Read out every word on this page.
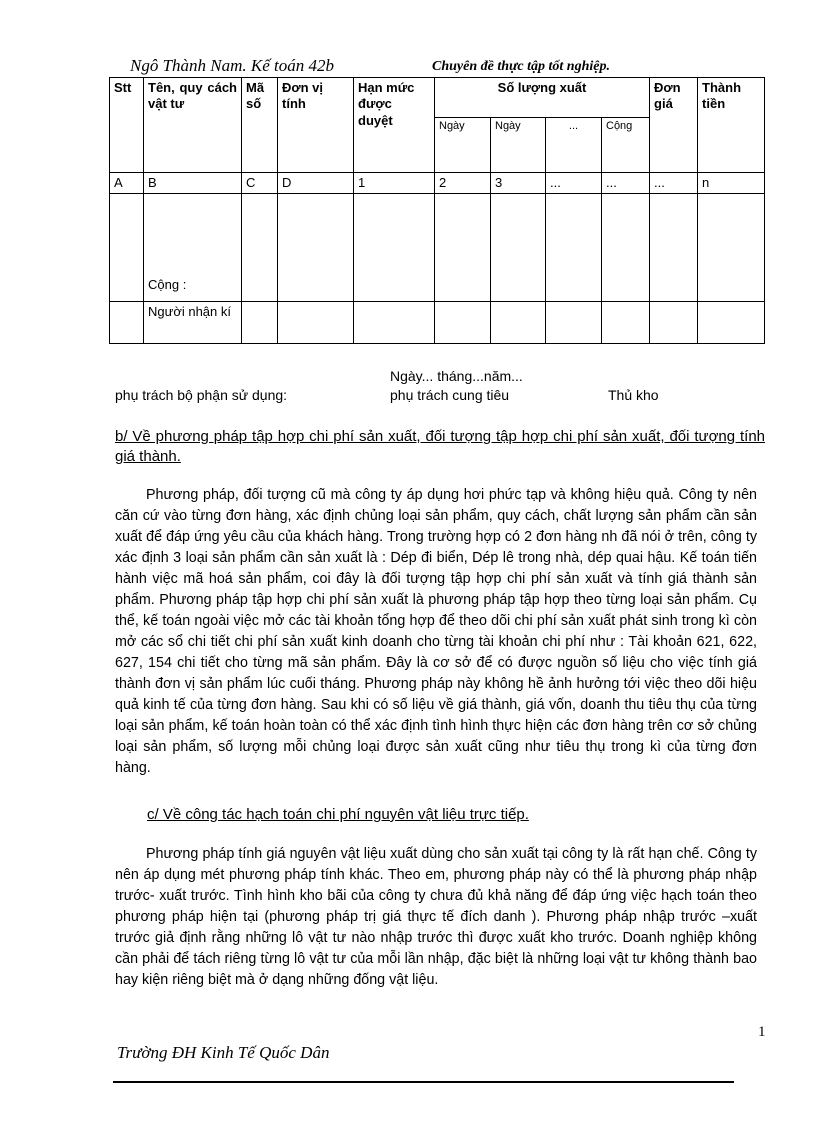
Ngô Thành Nam. Kế toán 42b	Chuyên đề thực tập tốt nghiệp.
Stt	Tên, quy cách vật tư	Mã số	Đơn vị tính	Hạn mức được duyệt	Số lượng xuất				Đơn giá	Thành tiền
					Ngày	Ngày	...	Cộng		
A	B	C	D	1	2	3	...	...	...	n
	Cộng :									
	Người nhận kí									
Ngày... tháng...năm...
phụ trách bộ phận sử dụng:	phụ trách cung tiêu	Thủ kho
b/ Về phương pháp tập hợp chi phí sản xuất, đối tượng tập hợp chi phí sản xuất, đối tượng tính giá thành.

Phương pháp, đối tượng cũ mà công ty áp dụng hơi phức tạp và không hiệu quả. Công ty nên căn cứ vào từng đơn hàng, xác định chủng loại sản phẩm, quy cách, chất lượng sản phẩm cần sản xuất để đáp ứng yêu cầu của khách hàng. Trong trường hợp có 2 đơn hàng nh đã nói ở trên, công ty xác định 3 loại sản phẩm cần sản xuất là : Dép đi biển, Dép lê trong nhà, dép quai hậu. Kế toán tiến hành việc mã hoá sản phẩm, coi đây là đối tượng tập hợp chi phí sản xuất và tính giá thành sản phẩm. Phương pháp tập hợp chi phí sản xuất là phương pháp tập hợp theo từng loại sản phẩm. Cụ thể, kế toán ngoài việc mở các tài khoản tổng hợp để theo dõi chi phí sản xuất phát sinh trong kì còn mở các sổ chi tiết chi phí sản xuất kinh doanh cho từng tài khoản chi phí như : Tài khoản 621, 622, 627, 154 chi tiết cho từng mã sản phẩm. Đây là cơ sở để có được nguồn số liệu cho việc tính giá thành đơn vị sản phẩm lúc cuối tháng. Phương pháp này không hề ảnh hưởng tới việc theo dõi hiệu quả kinh tế của từng đơn hàng. Sau khi có số liệu về giá thành, giá vốn, doanh thu tiêu thụ của từng loại sản phẩm, kế toán hoàn toàn có thể xác định tình hình thực hiện các đơn hàng trên cơ sở chủng loại sản phẩm, số lượng mỗi chủng loại được sản xuất cũng như tiêu thụ trong kì của từng đơn hàng.

c/ Về công tác hạch toán chi phí nguyên vật liệu trực tiếp.

Phương pháp tính giá nguyên vật liệu xuất dùng cho sản xuất tại công ty là rất hạn chế. Công ty nên áp dụng mét phương pháp tính khác. Theo em, phương pháp này có thể là phương pháp nhập trước- xuất trước. Tình hình kho bãi của công ty chưa đủ khả năng để đáp ứng việc hạch toán theo phương pháp hiện tại (phương pháp trị giá thực tế đích danh ). Phương pháp nhập trước –xuất trước giả định rằng những lô vật tư nào nhập trước thì được xuất kho trước. Doanh nghiệp không cần phải để tách riêng từng lô vật tư của mỗi lần nhập, đặc biệt là những loại vật tư không thành bao hay kiện riêng biệt mà ở dạng những đống vật liệu.

1
Trường ĐH Kinh Tế Quốc Dân
